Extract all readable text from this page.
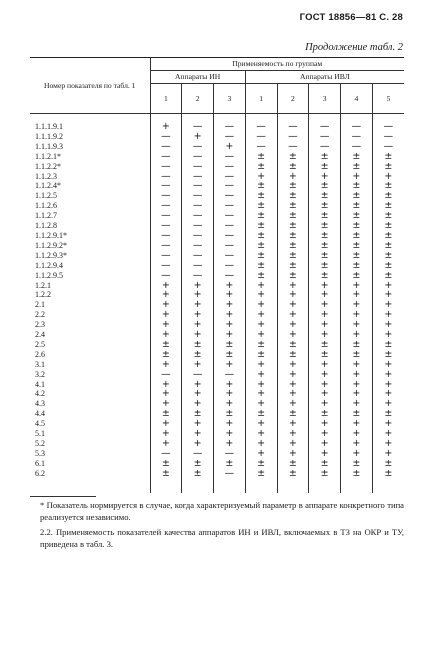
ГОСТ 18856—81 С. 28
Продолжение табл. 2
Номер показателя по табл. 1	Применяемость по группам							
	Аппараты ИН			Аппараты ИВЛ				
	1	2	3	1	2	3	4	5

1.1.1.9.1	+	—	—	—	—	—	—	—
1.1.1.9.2	—	+	—	—	—	—	—	—
1.1.1.9.3	—	—	+	—	—	—	—	—
1.1.2.1*	—	—	—	±	±	±	±	±
1.1.2.2*	—	—	—	±	±	±	±	±
1.1.2.3	—	—	—	+	+	+	+	+
1.1.2.4*	—	—	—	±	±	±	±	±
1.1.2.5	—	—	—	±	±	±	±	±
1.1.2.6	—	—	—	±	±	±	±	±
1.1.2.7	—	—	—	±	±	±	±	±
1.1.2.8	—	—	—	±	±	±	±	±
1.1.2.9.1*	—	—	—	±	±	±	±	±
1.1.2.9.2*	—	—	—	±	±	±	±	±
1.1.2.9.3*	—	—	—	±	±	±	±	±
1.1.2.9.4	—	—	—	±	±	±	±	±
1.1.2.9.5	—	—	—	±	±	±	±	±
1.2.1	+	+	+	+	+	+	+	+
1.2.2	+	+	+	+	+	+	+	+
2.1	+	+	+	+	+	+	+	+
2.2	+	+	+	+	+	+	+	+
2.3	+	+	+	+	+	+	+	+
2.4	+	+	+	+	+	+	+	+
2.5	±	±	±	±	±	±	±	±
2.6	±	±	±	±	±	±	±	±
3.1	+	+	+	+	+	+	+	+
3.2	—	—	—	+	+	+	+	+
4.1	+	+	+	+	+	+	+	+
4.2	+	+	+	+	+	+	+	+
4.3	+	+	+	+	+	+	+	+
4.4	±	±	±	±	±	±	±	±
4.5	+	+	+	+	+	+	+	+
5.1	+	+	+	+	+	+	+	+
5.2	+	+	+	+	+	+	+	+
5.3	—	—	—	+	+	+	+	+
6.1	±	±	±	±	±	±	±	±
6.2	±	±	—	±	±	±	±	±

* Показатель нормируется в случае, когда характеризуемый параметр в аппарате конкретного типа реализуется независимо.
2.2. Применяемость показателей качества аппаратов ИН и ИВЛ, включаемых в ТЗ на ОКР и ТУ, приведена в табл. 3.
